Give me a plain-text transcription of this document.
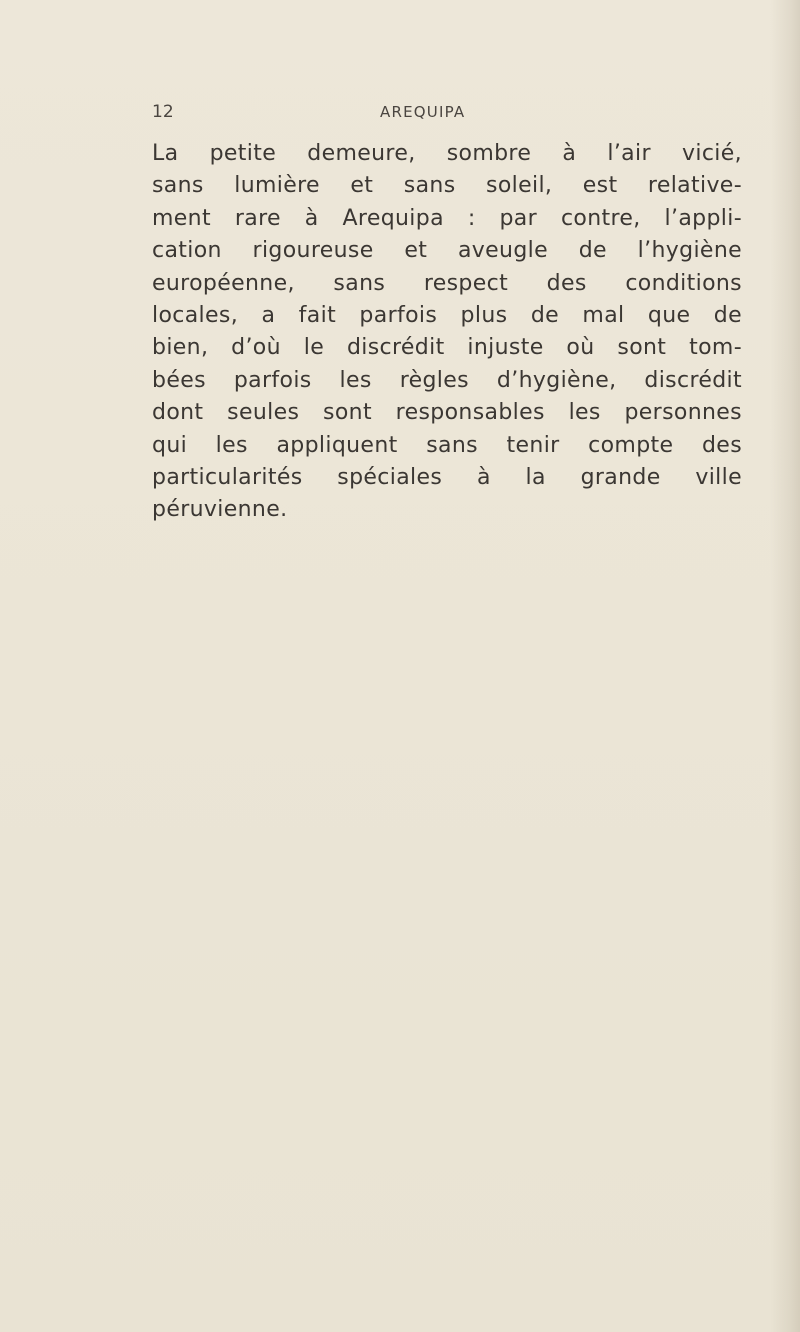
12	AREQUIPA
La petite demeure, sombre à l’air vicié,
sans lumière et sans soleil, est relative-
ment rare à Arequipa : par contre, l’appli-
cation rigoureuse et aveugle de l’hygiène
européenne, sans respect des conditions
locales, a fait parfois plus de mal que de
bien, d’où le discrédit injuste où sont tom-
bées parfois les règles d’hygiène, discrédit
dont seules sont responsables les personnes
qui les appliquent sans tenir compte des
particularités spéciales à la grande ville
péruvienne.
